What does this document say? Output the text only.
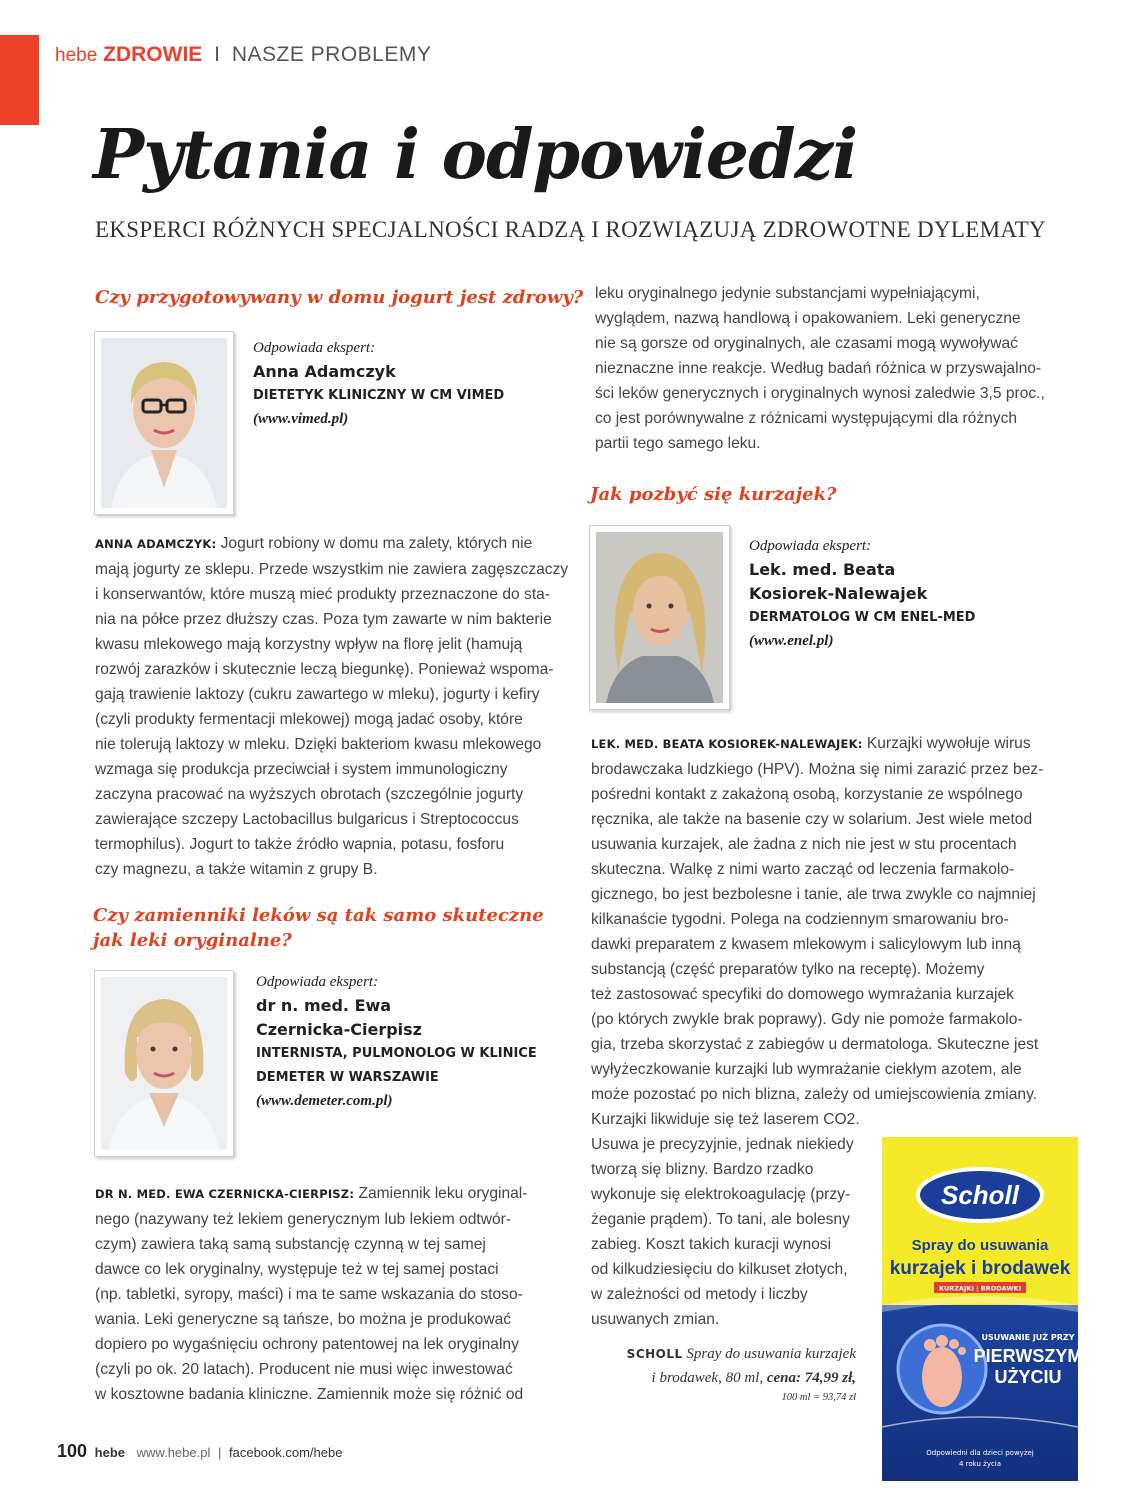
hebe ZDROWIE I NASZE PROBLEMY
Pytania i odpowiedzi
EKSPERCI RÓŻNYCH SPECJALNOŚCI RADZĄ I ROZWIĄZUJĄ ZDROWOTNE DYLEMATY
Czy przygotowywany w domu jogurt jest zdrowy?
Odpowiada ekspert:
Anna Adamczyk
DIETETYK KLINICZNY W CM VIMED
(www.vimed.pl)
ANNA ADAMCZYK: Jogurt robiony w domu ma zalety, których nie
mają jogurty ze sklepu. Przede wszystkim nie zawiera zagęszczaczy
i konserwantów, które muszą mieć produkty przeznaczone do sta-
nia na półce przez dłuższy czas. Poza tym zawarte w nim bakterie
kwasu mlekowego mają korzystny wpływ na florę jelit (hamują
rozwój zarazków i skutecznie leczą biegunkę). Ponieważ wspoma-
gają trawienie laktozy (cukru zawartego w mleku), jogurty i kefiry
(czyli produkty fermentacji mlekowej) mogą jadać osoby, które
nie tolerują laktozy w mleku. Dzięki bakteriom kwasu mlekowego
wzmaga się produkcja przeciwciał i system immunologiczny
zaczyna pracować na wyższych obrotach (szczególnie jogurty
zawierające szczepy Lactobacillus bulgaricus i Streptococcus
termophilus). Jogurt to także źródło wapnia, potasu, fosforu
czy magnezu, a także witamin z grupy B.
Czy zamienniki leków są tak samo skuteczne
jak leki oryginalne?
Odpowiada ekspert:
dr n. med. Ewa
Czernicka-Cierpisz
INTERNISTA, PULMONOLOG W KLINICE
DEMETER W WARSZAWIE
(www.demeter.com.pl)
DR N. MED. EWA CZERNICKA-CIERPISZ: Zamiennik leku oryginal-
nego (nazywany też lekiem generycznym lub lekiem odtwór-
czym) zawiera taką samą substancję czynną w tej samej
dawce co lek oryginalny, występuje też w tej samej postaci
(np. tabletki, syropy, maści) i ma te same wskazania do stoso-
wania. Leki generyczne są tańsze, bo można je produkować
dopiero po wygaśnięciu ochrony patentowej na lek oryginalny
(czyli po ok. 20 latach). Producent nie musi więc inwestować
w kosztowne badania kliniczne. Zamiennik może się różnić od
leku oryginalnego jedynie substancjami wypełniającymi,
wyglądem, nazwą handlową i opakowaniem. Leki generyczne
nie są gorsze od oryginalnych, ale czasami mogą wywoływać
nieznaczne inne reakcje. Według badań różnica w przyswajalno-
ści leków generycznych i oryginalnych wynosi zaledwie 3,5 proc.,
co jest porównywalne z różnicami występującymi dla różnych
partii tego samego leku.
Jak pozbyć się kurzajek?
Odpowiada ekspert:
Lek. med. Beata
Kosiorek-Nalewajek
DERMATOLOG W CM ENEL-MED
(www.enel.pl)
LEK. MED. BEATA KOSIOREK-NALEWAJEK: Kurzajki wywołuje wirus
brodawczaka ludzkiego (HPV). Można się nimi zarazić przez bez-
pośredni kontakt z zakażoną osobą, korzystanie ze wspólnego
ręcznika, ale także na basenie czy w solarium. Jest wiele metod
usuwania kurzajek, ale żadna z nich nie jest w stu procentach
skuteczna. Walkę z nimi warto zacząć od leczenia farmakolo-
gicznego, bo jest bezbolesne i tanie, ale trwa zwykle co najmniej
kilkanaście tygodni. Polega na codziennym smarowaniu bro-
dawki preparatem z kwasem mlekowym i salicylowym lub inną
substancją (część preparatów tylko na receptę). Możemy
też zastosować specyfiki do domowego wymrażania kurzajek
(po których zwykle brak poprawy). Gdy nie pomoże farmakolo-
gia, trzeba skorzystać z zabiegów u dermatologa. Skuteczne jest
wyłyżeczkowanie kurzajki lub wymrażanie ciekłym azotem, ale
może pozostać po nich blizna, zależy od umiejscowienia zmiany.
Kurzajki likwiduje się też laserem CO2.
Usuwa je precyzyjnie, jednak niekiedy
tworzą się blizny. Bardzo rzadko
wykonuje się elektrokoagulację (przy-
żeganie prądem). To tani, ale bolesny
zabieg. Koszt takich kuracji wynosi
od kilkudziesięciu do kilkuset złotych,
w zależności od metody i liczby
usuwanych zmian.
SCHOLL Spray do usuwania kurzajek
i brodawek, 80 ml, cena: 74,99 zł,
100 ml = 93,74 zł
Scholl
Spray do usuwania
kurzajek i brodawek
KURZAJKI | BRODAWKI
USUWANIE JUŻ PRZY
PIERWSZYM
UŻYCIU
Odpowiedni dla dzieci powyżej
4 roku życia
100 hebe www.hebe.pl | facebook.com/hebe
